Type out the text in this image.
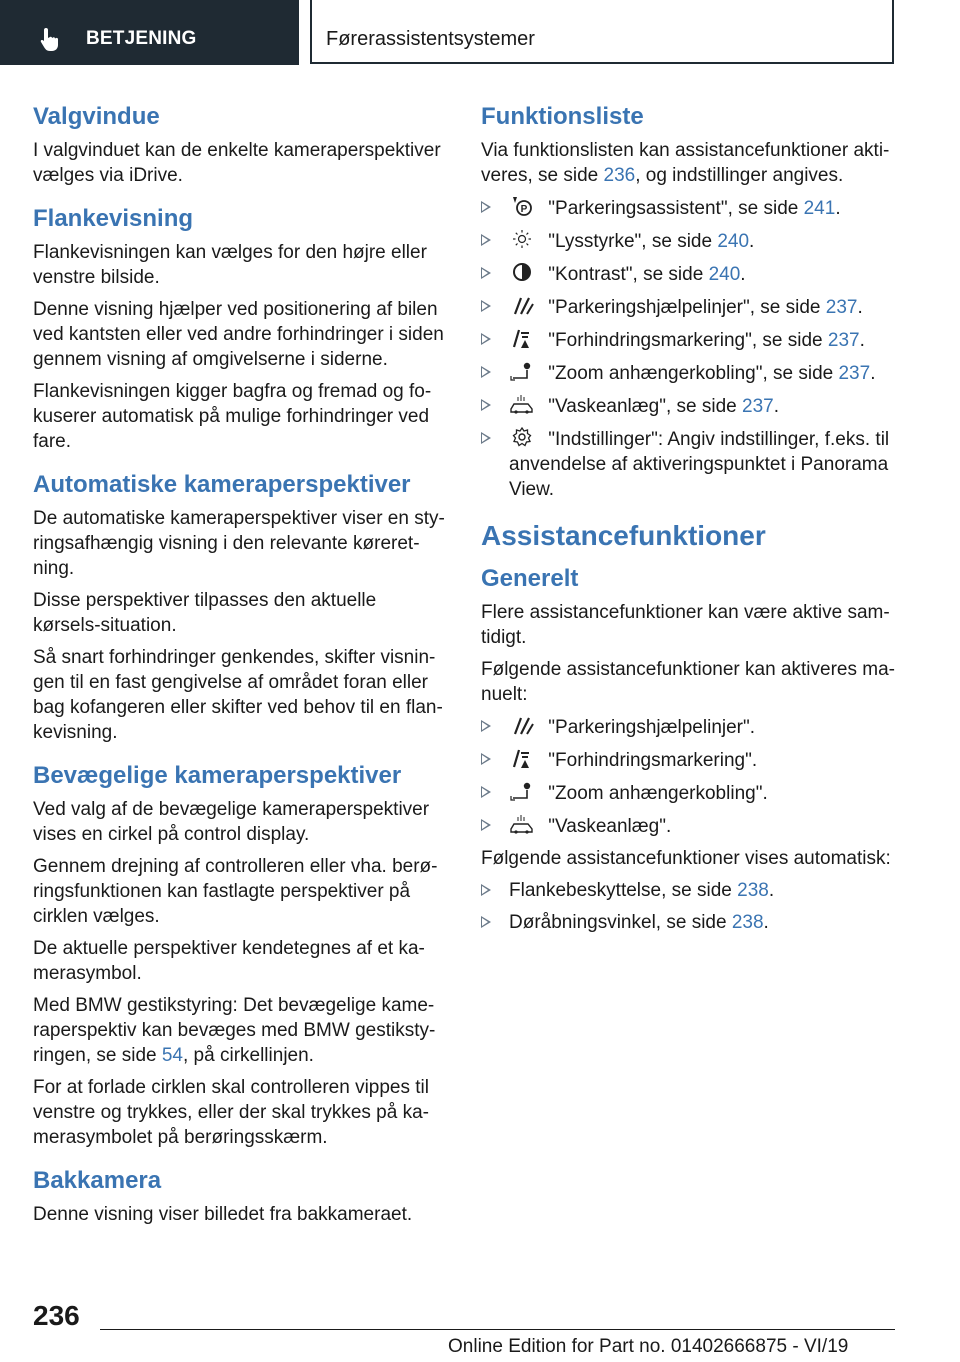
BETJENING	Førerassistentsystemer
Valgvindue

I valgvinduet kan de enkelte kameraperspektiver vælges via iDrive.

Flankevisning

Flankevisningen kan vælges for den højre eller venstre bilside.

Denne visning hjælper ved positionering af bilen ved kantsten eller ved andre forhindringer i siden gennem visning af omgivelserne i siderne.

Flankevisningen kigger bagfra og fremad og fo-kuserer automatisk på mulige forhindringer ved fare.

Automatiske kameraperspektiver

De automatiske kameraperspektiver viser en sty-ringsafhængig visning i den relevante køreret-ning.

Disse perspektiver tilpasses den aktuelle kørsels-situation.

Så snart forhindringer genkendes, skifter visnin-gen til en fast gengivelse af området foran eller bag kofangeren eller skifter ved behov til en flan-kevisning.

Bevægelige kameraperspektiver

Ved valg af de bevægelige kameraperspektiver vises en cirkel på control display.

Gennem drejning af controlleren eller vha. berø-ringsfunktionen kan fastlagte perspektiver på cirklen vælges.

De aktuelle perspektiver kendetegnes af et ka-merasymbol.

Med BMW gestikstyring: Det bevægelige kame-raperspektiv kan bevæges med BMW gestiksty-ringen, se side 54, på cirkellinjen.

For at forlade cirklen skal controlleren vippes til venstre og trykkes, eller der skal trykkes på ka-merasymbolet på berøringsskærm.

Bakkamera

Denne visning viser billedet fra bakkameraet.

Funktionsliste

Via funktionslisten kan assistancefunktioner akti-veres, se side 236, og indstillinger angives.

P "Parkeringsassistent", se side 241.
"Lysstyrke", se side 240.
"Kontrast", se side 240.
"Parkeringshjælpelinjer", se side 237.
"Forhindringsmarkering", se side 237.
"Zoom anhængerkobling", se side 237.
"Vaskeanlæg", se side 237.
"Indstillinger": Angiv indstillinger, f.eks. til anvendelse af aktiveringspunktet i Panorama View.
Assistancefunktioner
Generelt

Flere assistancefunktioner kan være aktive sam-tidigt.

Følgende assistancefunktioner kan aktiveres ma-nuelt:

"Parkeringshjælpelinjer".
"Forhindringsmarkering".
"Zoom anhængerkobling".
"Vaskeanlæg".

Følgende assistancefunktioner vises automatisk:

Flankebeskyttelse, se side 238.
Døråbningsvinkel, se side 238.
236
Online Edition for Part no. 01402666875 - VI/19
